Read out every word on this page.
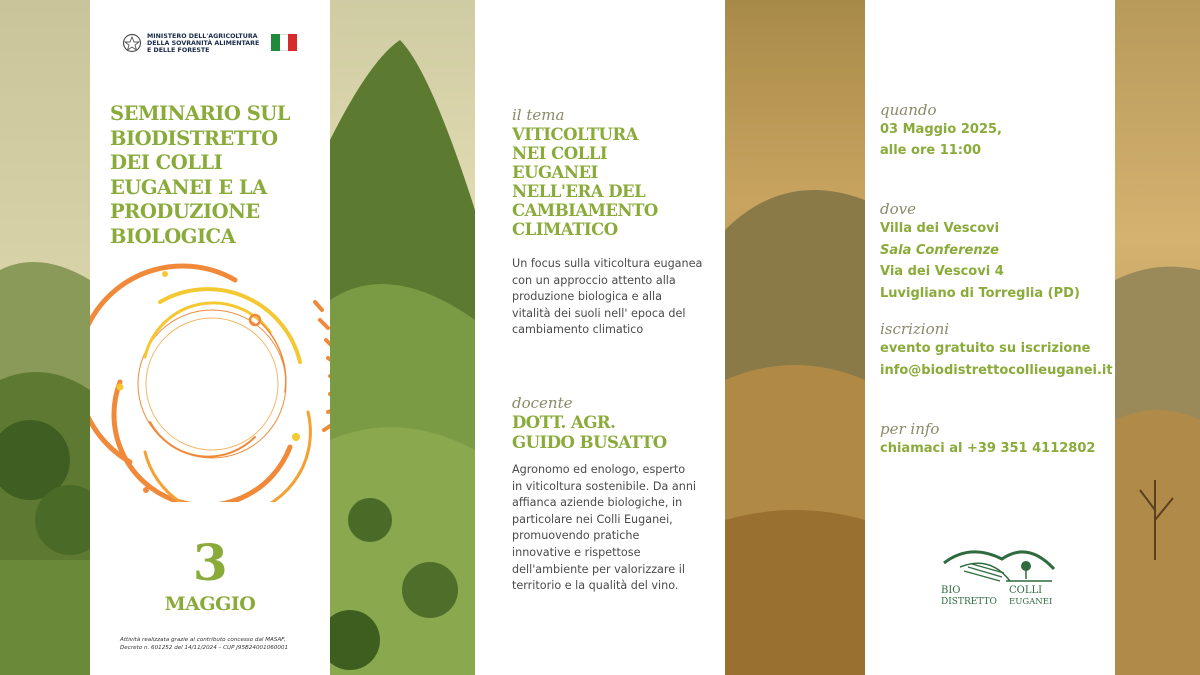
MINISTERO DELL'AGRICOLTURA
DELLA SOVRANITÀ ALIMENTARE
E DELLE FORESTE
SEMINARIO SUL
BIODISTRETTO
DEI COLLI
EUGANEI E LA
PRODUZIONE
BIOLOGICA
3
MAGGIO
Attività realizzata grazie al contributo concesso dal MASAF,
Decreto n. 601252 del 14/11/2024 – CUP J95B24001060001
il tema
VITICOLTURA
NEI COLLI
EUGANEI
NELL'ERA DEL
CAMBIAMENTO
CLIMATICO
Un focus sulla viticoltura euganea
con un approccio attento alla
produzione biologica e alla
vitalità dei suoli nell' epoca del
cambiamento climatico
docente
DOTT. AGR.
GUIDO BUSATTO
Agronomo ed enologo, esperto
in viticoltura sostenibile. Da anni
affianca aziende biologiche, in
particolare nei Colli Euganei,
promuovendo pratiche
innovative e rispettose
dell'ambiente per valorizzare il
territorio e la qualità del vino.
quando
03 Maggio 2025,
alle ore 11:00
dove
Villa dei Vescovi
Sala Conferenze
Via dei Vescovi 4
Luvigliano di Torreglia (PD)
iscrizioni
evento gratuito su iscrizione
info@biodistrettocollieuganei.it
per info
chiamaci al +39 351 4112802
BIO	COLLI
DISTRETTO EUGANEI
